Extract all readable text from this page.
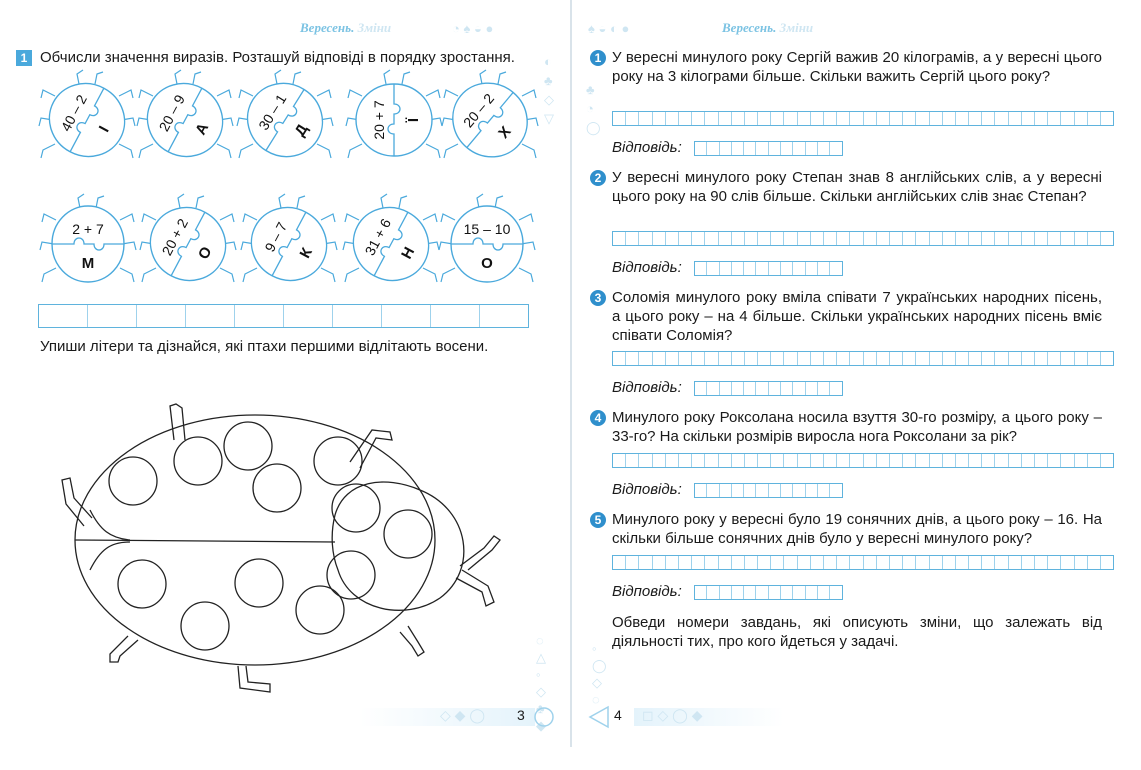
Вересень. Зміни	◔ ♠ ◒ ●
◐
♣
◇
▽
1 Обчисли значення виразів. Розташуй відповіді в порядку зростання.
40 – 2 І	20 – 9 А	30 – 1 Д	20 + 7 Ї	20 – 2
Х
2 + 7
М
20 + 2 О	9 – 7 К	31 + 6 Н
15 – 10
О
Упиши літери та дізнайся, які птахи першими відлітають восени.
◌
△
◦
◇
♣
◆
◇ ◆ ◯ 3
♠ ◒ ◐ ●	Вересень. Зміни
♣
◔
◯
1 У вересні минулого року Сергій важив 20 кілограмів, а у вересні цього року на 3 кілограми більше. Скільки важить Сергій цього року?
Відповідь:
2 У вересні минулого року Степан знав 8 англійських слів, а у вересні цього року на 90 слів більше. Скільки англійських слів знає Степан?
Відповідь:
3 Соломія минулого року вміла співати 7 українських народних пісень, а цього року – на 4 більше. Скільки українських народних пісень вміє співати Соломія?
Відповідь:
4 Минулого року Роксолана носила взуття 30-го розміру, а цього року – 33-го? На скільки розмірів виросла нога Роксолани за рік?
Відповідь:
5 Минулого року у вересні було 19 сонячних днів, а цього року – 16. На скільки більше сонячних днів було у вересні минулого року?
Відповідь:
Обведи номери завдань, які описують зміни, що залежать від діяльності тих, про кого йдеться у задачі.
◦
◯
◇
◌
4 ◻ ◇ ◯ ◆
